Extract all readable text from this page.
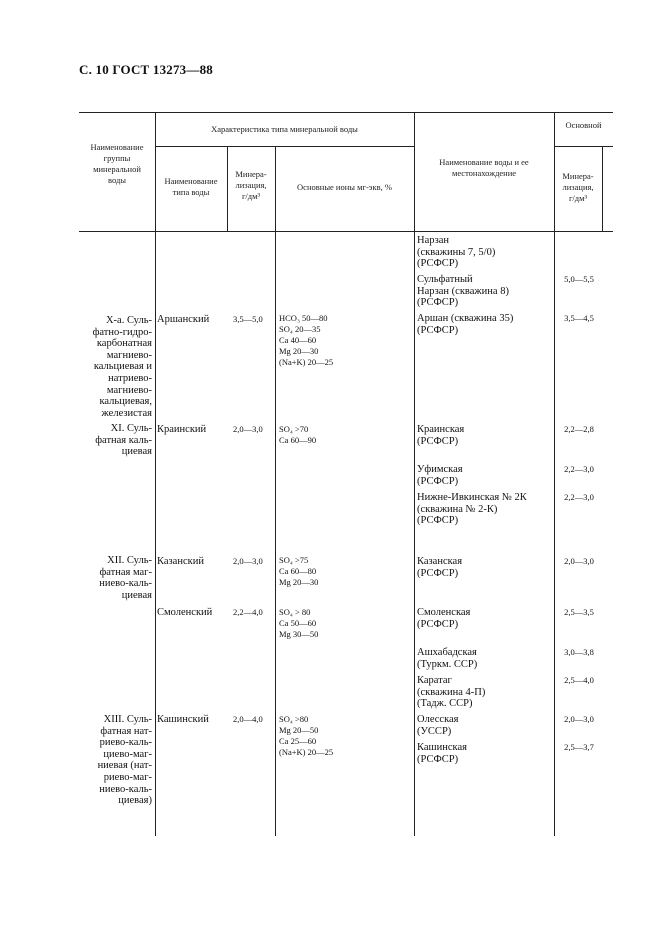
С. 10 ГОСТ 13273—88
Наименование
группы
минеральной
воды
Характеристика типа минеральной воды
Наименование
типа воды
Минера-
лизация,
г/дм³
Основные ионы мг-экв, %
Наименование воды и ее
местонахождение
Основной
Минера-
лизация,
г/дм³
Х-а. Суль-
фатно-гидро-
карбонатная
магниево-
кальциевая и
натриево-
магниево-
кальциевая,
железистая
XI. Суль-
фатная каль-
циевая
XII. Суль-
фатная маг-
ниево-каль-
циевая
XIII. Суль-
фатная нат-
риево-каль-
циево-маг-
ниевая (нат-
риево-маг-
ниево-каль-
циевая)
Аршанский
Краинский
Казанский
Смоленский
Кашинский
3,5—5,0
2,0—3,0
2,0—3,0
2,2—4,0
2,0—4,0
НСО₃ 50—80
SO₄ 20—35
Ca 40—60
Mg 20—30
(Na+K) 20—25
SO₄ >70
Ca 60—90
SO₄ >75
Ca 60—80
Mg 20—30
SO₄ > 80
Ca 50—60
Mg 30—50
SO₄ >80
Mg 20—50
Ca 25—60
(Na+K) 20—25
Нарзан
(скважины 7, 5/0)
(РСФСР)
Сульфатный
Нарзан (скважина 8)
(РСФСР)
Аршан (скважина 35)
(РСФСР)
Краинская
(РСФСР)
Уфимская
(РСФСР)
Нижне-Ивкинская № 2К
(скважина № 2-К)
(РСФСР)
Казанская
(РСФСР)
Смоленская
(РСФСР)
Ашхабадская
(Туркм. ССР)
Каратаг
(скважина 4-П)
(Тадж. ССР)
Олесская
(УССР)
Кашинская
(РСФСР)
5,0—5,5
3,5—4,5
2,2—2,8
2,2—3,0
2,2—3,0
2,0—3,0
2,5—3,5
3,0—3,8
2,5—4,0
2,0—3,0
2,5—3,7
